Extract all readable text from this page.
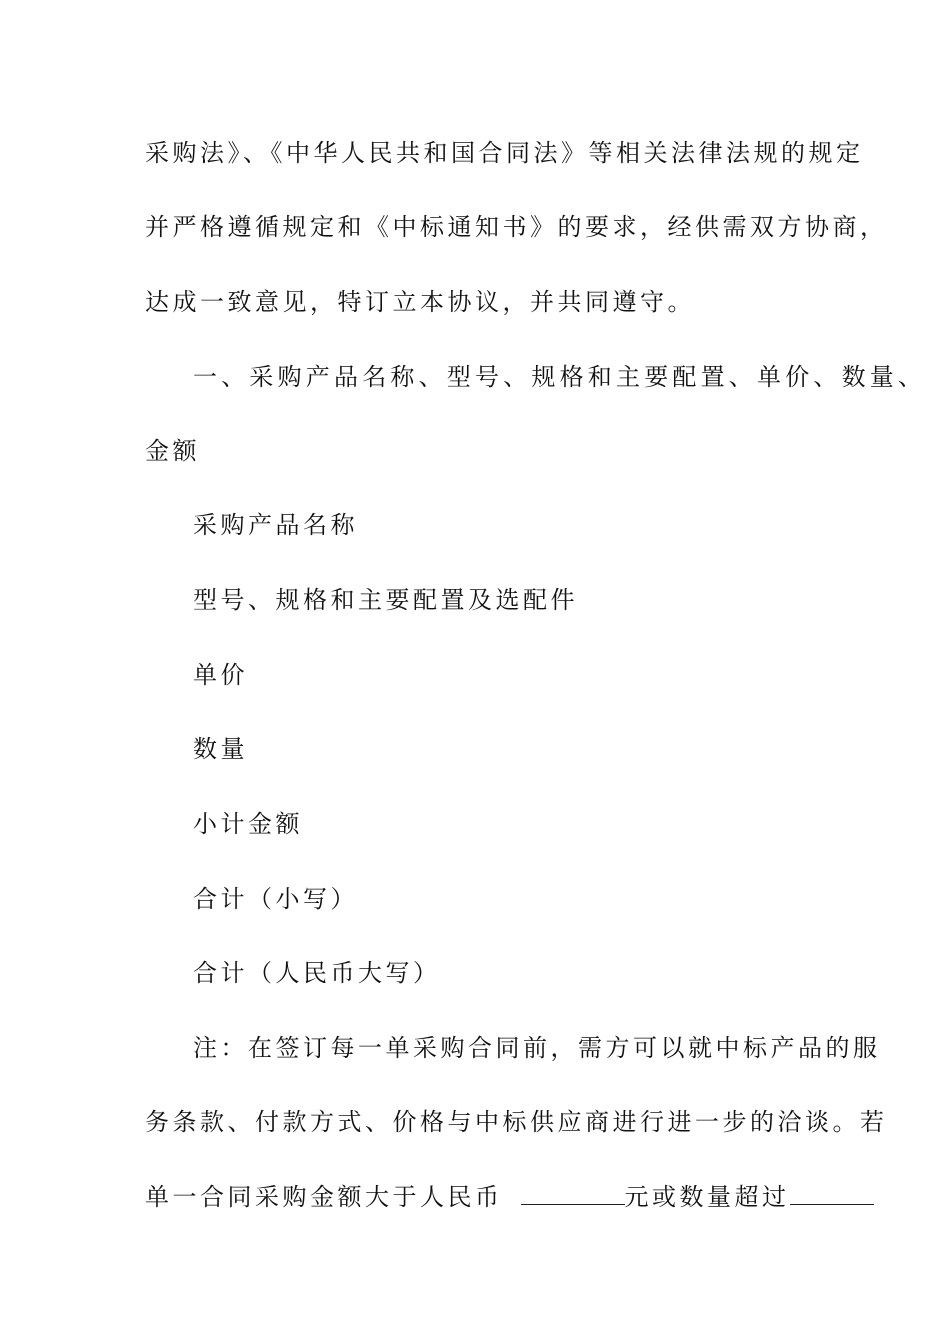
采购法》、《中华人民共和国合同法》等相关法律法规的规定
并严格遵循规定和《中标通知书》的要求，经供需双方协商，
达成一致意见，特订立本协议，并共同遵守。
一、采购产品名称、型号、规格和主要配置、单价、数量、
金额
采购产品名称
型号、规格和主要配置及选配件
单价
数量
小计金额
合计（小写）
合计（人民币大写）
注：在签订每一单采购合同前，需方可以就中标产品的服
务条款、付款方式、价格与中标供应商进行进一步的洽谈。若
单一合同采购金额大于人民币	元或数量超过
